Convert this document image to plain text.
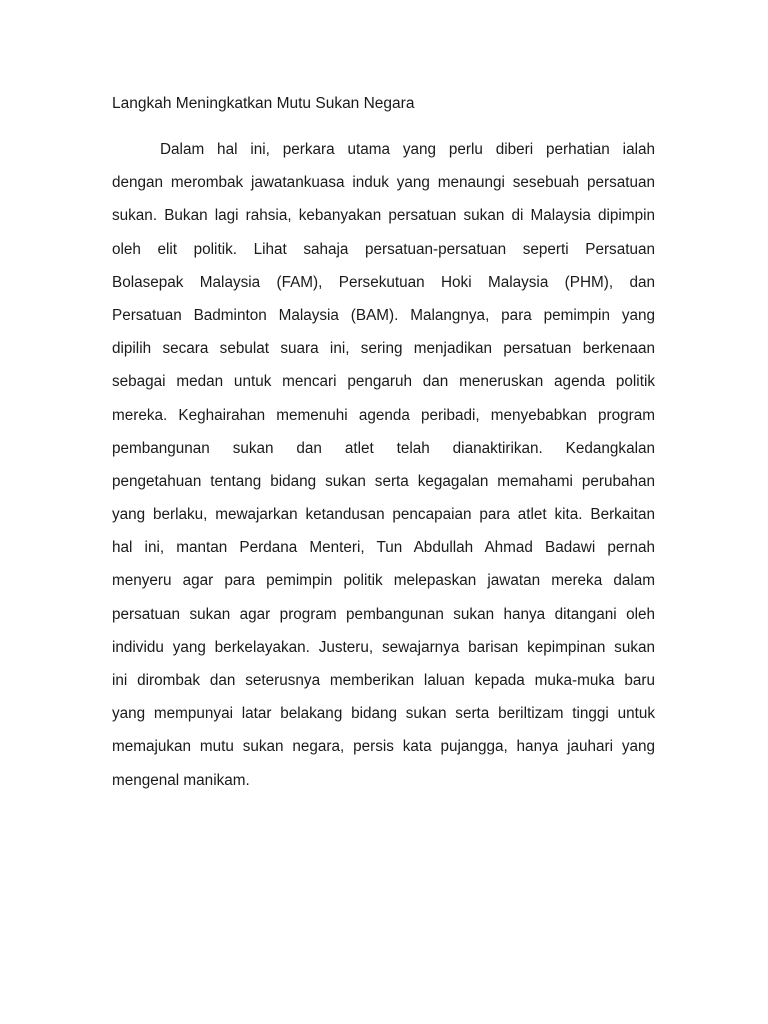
Langkah Meningkatkan Mutu Sukan Negara
Dalam hal ini, perkara utama yang perlu diberi perhatian ialah
dengan merombak jawatankuasa induk yang menaungi sesebuah persatuan
sukan. Bukan lagi rahsia, kebanyakan persatuan sukan di Malaysia dipimpin
oleh elit politik. Lihat sahaja persatuan-persatuan seperti Persatuan
Bolasepak Malaysia (FAM), Persekutuan Hoki Malaysia (PHM), dan
Persatuan Badminton Malaysia (BAM). Malangnya, para pemimpin yang
dipilih secara sebulat suara ini, sering menjadikan persatuan berkenaan
sebagai medan untuk mencari pengaruh dan meneruskan agenda politik
mereka. Keghairahan memenuhi agenda peribadi, menyebabkan program
pembangunan sukan dan atlet telah dianaktirikan. Kedangkalan
pengetahuan tentang bidang sukan serta kegagalan memahami perubahan
yang berlaku, mewajarkan ketandusan pencapaian para atlet kita. Berkaitan
hal ini, mantan Perdana Menteri, Tun Abdullah Ahmad Badawi pernah
menyeru agar para pemimpin politik melepaskan jawatan mereka dalam
persatuan sukan agar program pembangunan sukan hanya ditangani oleh
individu yang berkelayakan. Justeru, sewajarnya barisan kepimpinan sukan
ini dirombak dan seterusnya memberikan laluan kepada muka-muka baru
yang mempunyai latar belakang bidang sukan serta beriltizam tinggi untuk
memajukan mutu sukan negara, persis kata pujangga, hanya jauhari yang
mengenal manikam.
